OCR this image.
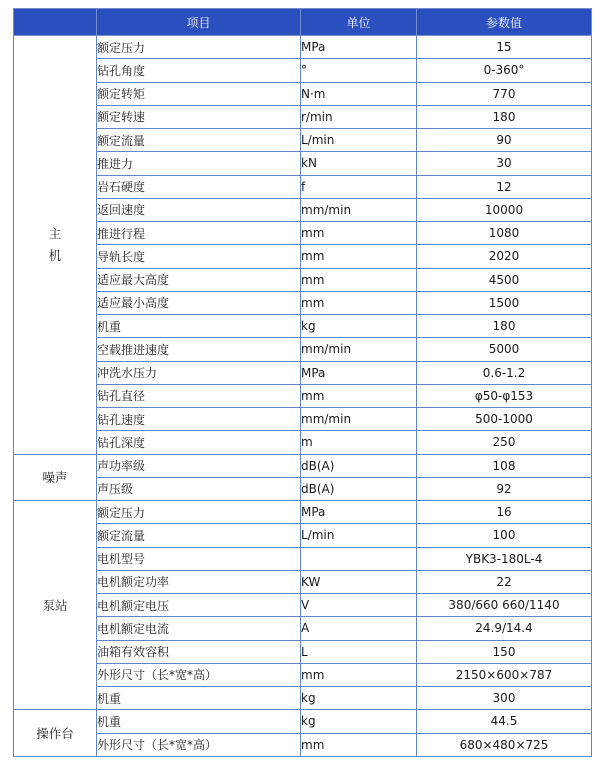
	项目	单位	参数值

主
机	额定压力	MPa	15
	钻孔角度	°	0-360°
	额定转矩	N·m	770
	额定转速	r/min	180
	额定流量	L/min	90
	推进力	kN	30
	岩石硬度	f	12
	返回速度	mm/min	10000
	推进行程	mm	1080
	导轨长度	mm	2020
	适应最大高度	mm	4500
	适应最小高度	mm	1500
	机重	kg	180
	空载推进速度	mm/min	5000
	冲洗水压力	MPa	0.6-1.2
	钻孔直径	mm	φ50-φ153
	钻孔速度	mm/min	500-1000
	钻孔深度	m	250
噪声	声功率级	dB(A)	108
	声压级	dB(A)	92
泵站	额定压力	MPa	16
	额定流量	L/min	100
	电机型号		YBK3-180L-4
	电机额定功率	KW	22
	电机额定电压	V	380/660 660/1140
	电机额定电流	A	24.9/14.4
	油箱有效容积	L	150
	外形尺寸（长*宽*高）	mm	2150×600×787
	机重	kg	300
操作台	机重	kg	44.5
	外形尺寸（长*宽*高）	mm	680×480×725
